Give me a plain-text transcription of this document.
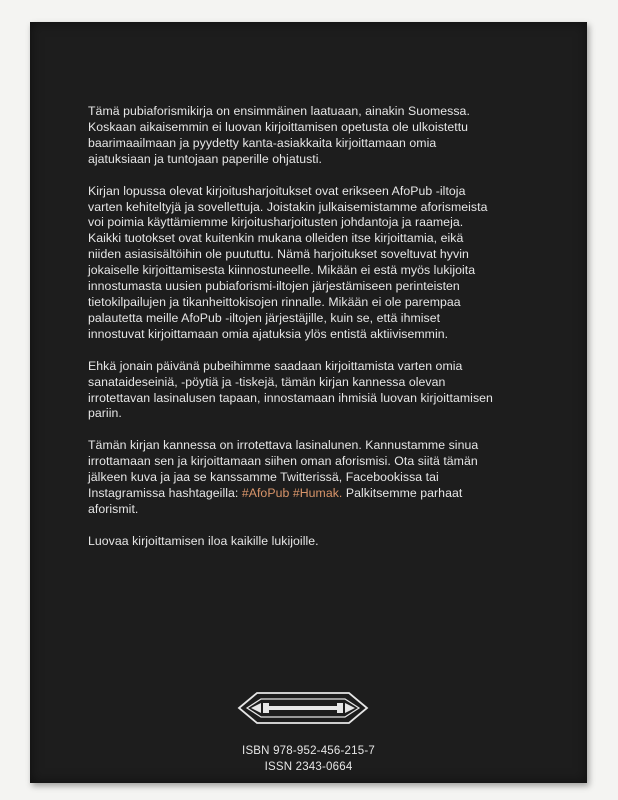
Tämä pubiaforismikirja on ensimmäinen laatuaan, ainakin Suomessa.
Koskaan aikaisemmin ei luovan kirjoittamisen opetusta ole ulkoistettu
baarimaailmaan ja pyydetty kanta-asiakkaita kirjoittamaan omia
ajatuksiaan ja tuntojaan paperille ohjatusti.

Kirjan lopussa olevat kirjoitusharjoitukset ovat erikseen AfoPub -iltoja
varten kehiteltyjä ja sovellettuja. Joistakin julkaisemistamme aforismeista
voi poimia käyttämiemme kirjoitusharjoitusten johdantoja ja raameja.
Kaikki tuotokset ovat kuitenkin mukana olleiden itse kirjoittamia, eikä
niiden asiasisältöihin ole puututtu. Nämä harjoitukset soveltuvat hyvin
jokaiselle kirjoittamisesta kiinnostuneelle. Mikään ei estä myös lukijoita
innostumasta uusien pubiaforismi-iltojen järjestämiseen perinteisten
tietokilpailujen ja tikanheittokisojen rinnalle. Mikään ei ole parempaa
palautetta meille AfoPub -iltojen järjestäjille, kuin se, että ihmiset
innostuvat kirjoittamaan omia ajatuksia ylös entistä aktiivisemmin.

Ehkä jonain päivänä pubeihimme saadaan kirjoittamista varten omia
sanataideseiniä, -pöytiä ja -tiskejä, tämän kirjan kannessa olevan
irrotettavan lasinalusen tapaan, innostamaan ihmisiä luovan kirjoittamisen
pariin.

Tämän kirjan kannessa on irrotettava lasinalunen. Kannustamme sinua
irrottamaan sen ja kirjoittamaan siihen oman aforismisi. Ota siitä tämän
jälkeen kuva ja jaa se kanssamme Twitterissä, Facebookissa tai
Instagramissa hashtageilla: #AfoPub #Humak. Palkitsemme parhaat
aforismit.

Luovaa kirjoittamisen iloa kaikille lukijoille.

ISBN 978-952-456-215-7
ISSN 2343-0664
